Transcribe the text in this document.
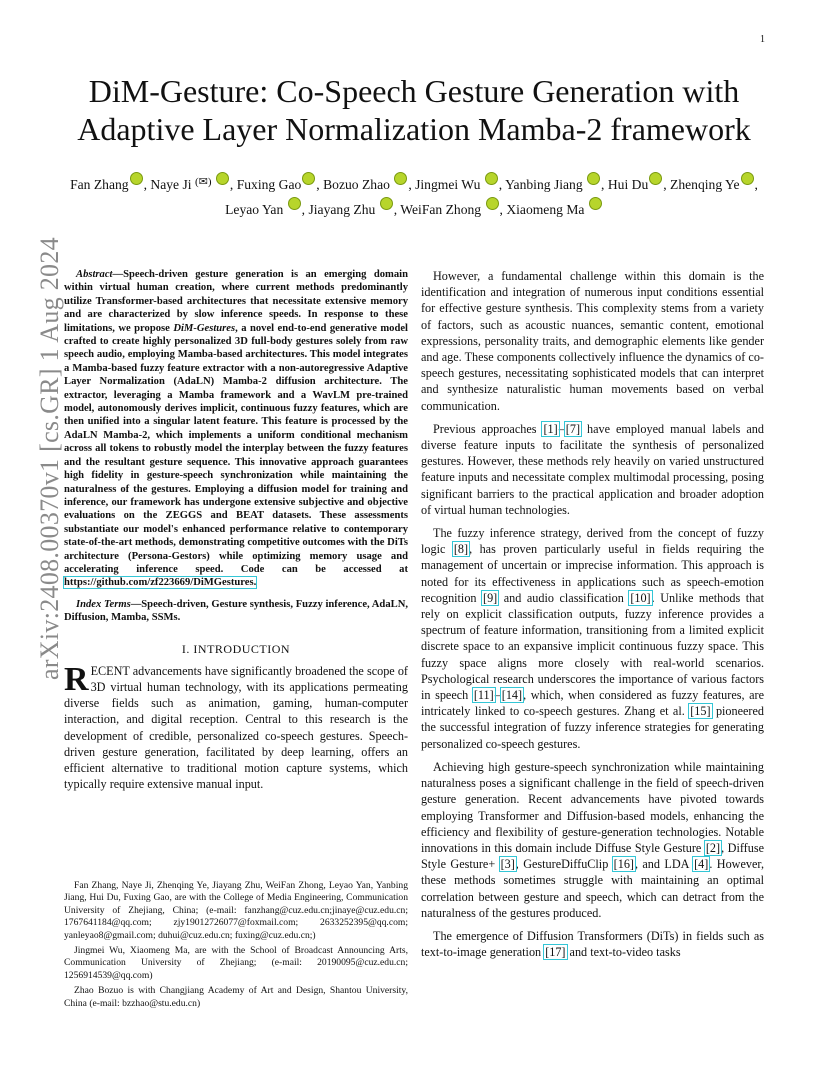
1
arXiv:2408.00370v1 [cs.GR] 1 Aug 2024
DiM-Gesture: Co-Speech Gesture Generation with
Adaptive Layer Normalization Mamba-2 framework
Fan Zhang , Naye Ji (✉) , Fuxing Gao , Bozuo Zhao , Jingmei Wu , Yanbing Jiang , Hui Du , Zhenqing Ye , Leyao Yan , Jiayang Zhu , WeiFan Zhong , Xiaomeng Ma

Abstract—Speech-driven gesture generation is an emerging domain within virtual human creation, where current methods predominantly utilize Transformer-based architectures that necessitate extensive memory and are characterized by slow inference speeds. In response to these limitations, we propose DiM-Gestures, a novel end-to-end generative model crafted to create highly personalized 3D full-body gestures solely from raw speech audio, employing Mamba-based architectures. This model integrates a Mamba-based fuzzy feature extractor with a non-autoregressive Adaptive Layer Normalization (AdaLN) Mamba-2 diffusion architecture. The extractor, leveraging a Mamba framework and a WavLM pre-trained model, autonomously derives implicit, continuous fuzzy features, which are then unified into a singular latent feature. This feature is processed by the AdaLN Mamba-2, which implements a uniform conditional mechanism across all tokens to robustly model the interplay between the fuzzy features and the resultant gesture sequence. This innovative approach guarantees high fidelity in gesture-speech synchronization while maintaining the naturalness of the gestures. Employing a diffusion model for training and inference, our framework has undergone extensive subjective and objective evaluations on the ZEGGS and BEAT datasets. These assessments substantiate our model's enhanced performance relative to contemporary state-of-the-art methods, demonstrating competitive outcomes with the DiTs architecture (Persona-Gestors) while optimizing memory usage and accelerating inference speed. Code can be accessed at https://github.com/zf223669/DiMGestures.

Index Terms—Speech-driven, Gesture synthesis, Fuzzy inference, AdaLN, Diffusion, Mamba, SSMs.

I. INTRODUCTION

RECENT advancements have significantly broadened the scope of 3D virtual human technology, with its applications permeating diverse fields such as animation, gaming, human-computer interaction, and digital reception. Central to this research is the development of credible, personalized co-speech gestures. Speech-driven gesture generation, facilitated by deep learning, offers an efficient alternative to traditional motion capture systems, which typically require extensive manual input.

Fan Zhang, Naye Ji, Zhenqing Ye, Jiayang Zhu, WeiFan Zhong, Leyao Yan, Yanbing Jiang, Hui Du, Fuxing Gao, are with the College of Media Engineering, Communication University of Zhejiang, China; (e-mail: fanzhang@cuz.edu.cn;jinaye@cuz.edu.cn; 1767641184@qq.com; zjy19012726077@foxmail.com; 2633252395@qq.com; yanleyao8@gmail.com; duhui@cuz.edu.cn; fuxing@cuz.edu.cn;)

Jingmei Wu, Xiaomeng Ma, are with the School of Broadcast Announcing Arts, Communication University of Zhejiang; (e-mail: 20190095@cuz.edu.cn; 1256914539@qq.com)

Zhao Bozuo is with Changjiang Academy of Art and Design, Shantou University, China (e-mail: bzzhao@stu.edu.cn)

However, a fundamental challenge within this domain is the identification and integration of numerous input conditions essential for effective gesture synthesis. This complexity stems from a variety of factors, such as acoustic nuances, semantic content, emotional expressions, personality traits, and demographic elements like gender and age. These components collectively influence the dynamics of co-speech gestures, necessitating sophisticated models that can interpret and synthesize naturalistic human movements based on verbal communication.

Previous approaches [1]–[7] have employed manual labels and diverse feature inputs to facilitate the synthesis of personalized gestures. However, these methods rely heavily on varied unstructured feature inputs and necessitate complex multimodal processing, posing significant barriers to the practical application and broader adoption of virtual human technologies.

The fuzzy inference strategy, derived from the concept of fuzzy logic [8], has proven particularly useful in fields requiring the management of uncertain or imprecise information. This approach is noted for its effectiveness in applications such as speech-emotion recognition [9] and audio classification [10]. Unlike methods that rely on explicit classification outputs, fuzzy inference provides a spectrum of feature information, transitioning from a limited explicit discrete space to an expansive implicit continuous fuzzy space. This fuzzy space aligns more closely with real-world scenarios. Psychological research underscores the importance of various factors in speech [11]–[14], which, when considered as fuzzy features, are intricately linked to co-speech gestures. Zhang et al. [15] pioneered the successful integration of fuzzy inference strategies for generating personalized co-speech gestures.

Achieving high gesture-speech synchronization while maintaining naturalness poses a significant challenge in the field of speech-driven gesture generation. Recent advancements have pivoted towards employing Transformer and Diffusion-based models, enhancing the efficiency and flexibility of gesture-generation technologies. Notable innovations in this domain include Diffuse Style Gesture [2], Diffuse Style Gesture+ [3], GestureDiffuClip [16], and LDA [4]. However, these methods sometimes struggle with maintaining an optimal correlation between gesture and speech, which can detract from the naturalness of the gestures produced.

The emergence of Diffusion Transformers (DiTs) in fields such as text-to-image generation [17] and text-to-video tasks
